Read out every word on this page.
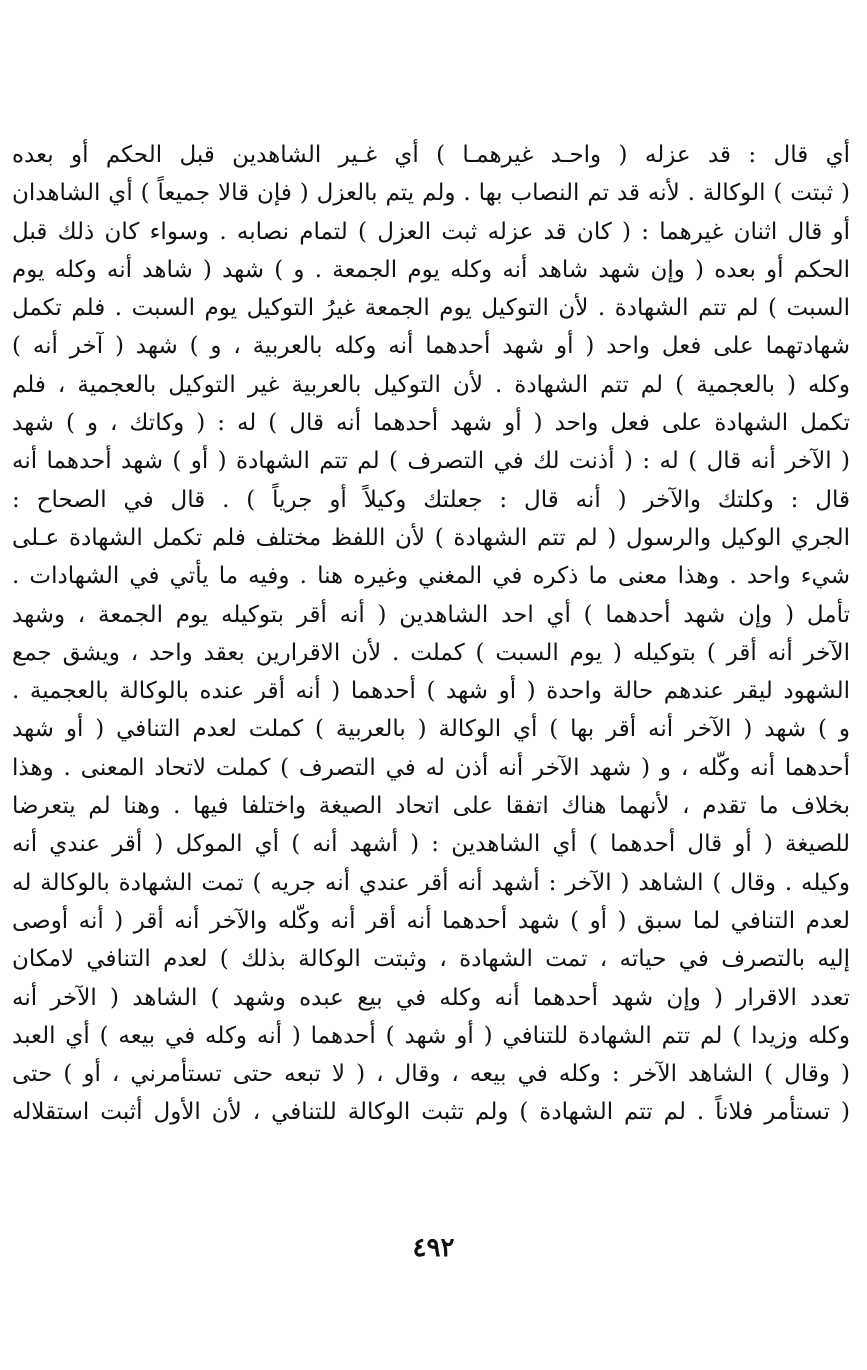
أي قال : قد عزله ( واحـد غيرهمـا ) أي غـير الشاهدين قبل الحكم أو بعده
( ثبتت ) الوكالة . لأنه قد تم النصاب بها . ولم يتم بالعزل ( فإن قالا جميعاً ) أي الشاهدان
أو قال اثنان غيرهما : ( كان قد عزله ثبت العزل ) لتمام نصابه . وسواء كان ذلك قبل
الحكم أو بعده ( وإن شهد شاهد أنه وكله يوم الجمعة . و ) شهد ( شاهد أنه وكله يوم
السبت ) لم تتم الشهادة . لأن التوكيل يوم الجمعة غيرُ التوكيل يوم السبت . فلم تكمل
شهادتهما على فعل واحد ( أو شهد أحدهما أنه وكله بالعربية ، و ) شهد ( آخر أنه )
وكله ( بالعجمية ) لم تتم الشهادة . لأن التوكيل بالعربية غير التوكيل بالعجمية ، فلم
تكمل الشهادة على فعل واحد ( أو شهد أحدهما أنه قال ) له : ( وكاتك ، و ) شهد
( الآخر أنه قال ) له : ( أذنت لك في التصرف ) لم تتم الشهادة ( أو ) شهد أحدهما أنه
قال : وكلتك والآخر ( أنه قال : جعلتك وكيلاً أو جرياً ) . قال في الصحاح :
الجري الوكيل والرسول ( لم تتم الشهادة ) لأن اللفظ مختلف فلم تكمل الشهادة عـلى
شيء واحد . وهذا معنى ما ذكره في المغني وغيره هنا . وفيه ما يأتي في الشهادات .
تأمل ( وإن شهد أحدهما ) أي احد الشاهدين ( أنه أقر بتوكيله يوم الجمعة ، وشهد
الآخر أنه أقر ) بتوكيله ( يوم السبت ) كملت . لأن الاقرارين بعقد واحد ، ويشق جمع
الشهود ليقر عندهم حالة واحدة ( أو شهد ) أحدهما ( أنه أقر عنده بالوكالة بالعجمية .
و ) شهد ( الآخر أنه أقر بها ) أي الوكالة ( بالعربية ) كملت لعدم التنافي ( أو شهد
أحدهما أنه وكّله ، و ( شهد الآخر أنه أذن له في التصرف ) كملت لاتحاد المعنى . وهذا
بخلاف ما تقدم ، لأنهما هناك اتفقا على اتحاد الصيغة واختلفا فيها . وهنا لم يتعرضا
للصيغة ( أو قال أحدهما ) أي الشاهدين : ( أشهد أنه ) أي الموكل ( أقر عندي أنه
وكيله . وقال ) الشاهد ( الآخر : أشهد أنه أقر عندي أنه جريه ) تمت الشهادة بالوكالة له
لعدم التنافي لما سبق ( أو ) شهد أحدهما أنه أقر أنه وكّله والآخر أنه أقر ( أنه أوصى
إليه بالتصرف في حياته ، تمت الشهادة ، وثبتت الوكالة بذلك ) لعدم التنافي لامكان
تعدد الاقرار ( وإن شهد أحدهما أنه وكله في بيع عبده وشهد ) الشاهد ( الآخر أنه
وكله وزيدا ) لم تتم الشهادة للتنافي ( أو شهد ) أحدهما ( أنه وكله في بيعه ) أي العبد
( وقال ) الشاهد الآخر : وكله في بيعه ، وقال ، ( لا تبعه حتى تستأمرني ، أو ) حتى
( تستأمر فلاناً . لم تتم الشهادة ) ولم تثبت الوكالة للتنافي ، لأن الأول أثبت استقلاله
٤٩٢
